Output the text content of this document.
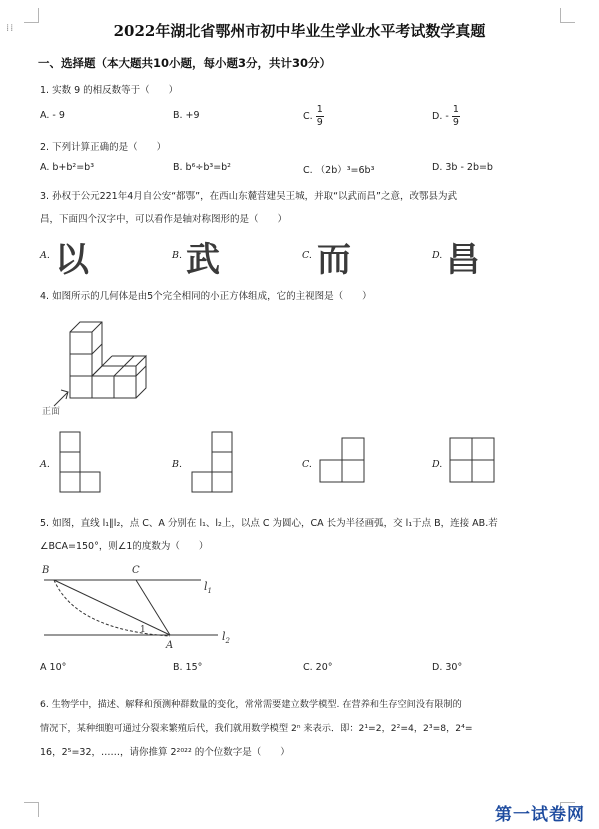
⁞⁞	2022年湖北省鄂州市初中毕业生学业水平考试数学真题
一、选择题（本大题共10小题，每小题3分，共计30分）
1. 实数 9 的相反数等于（　　）
A. - 9	B. +9	C. $\frac{1}{9}$	D. - $\frac{1}{9}$
2. 下列计算正确的是（　　）
A. b+b²=b³	B. b⁶÷b³=b²	C. （2b）³=6b³	D. 3b - 2b=b
3. 孙权于公元221年4月自公安“都鄂”，在西山东麓营建吴王城，并取“以武而昌”之意，改鄂县为武
昌，下面四个汉字中，可以看作是轴对称图形的是（　　）
A. 以	B. 武	C. 而	D. 昌
4. 如图所示的几何体是由5个完全相同的小正方体组成，它的主视图是（　　）
正面
A.	B.	C.	D.
5. 如图，直线 l₁∥l₂，点 C、A 分别在 l₁、l₂上，以点 C 为圆心，CA 长为半径画弧，交 l₁于点 B，连接 AB.若
∠BCA=150°，则∠1的度数为（　　）
B	C
$l_1$
$l_2$
A
1
A 10°	B. 15°	C. 20°	D. 30°
6. 生物学中，描述、解释和预测种群数量的变化，常常需要建立数学模型. 在营养和生存空间没有限制的
情况下，某种细胞可通过分裂来繁殖后代，我们就用数学模型 2ⁿ 来表示．即：2¹=2，2²=4，2³=8，2⁴=
16，2⁵=32，……，请你推算 2²⁰²² 的个位数字是（　　）
第一试卷网
